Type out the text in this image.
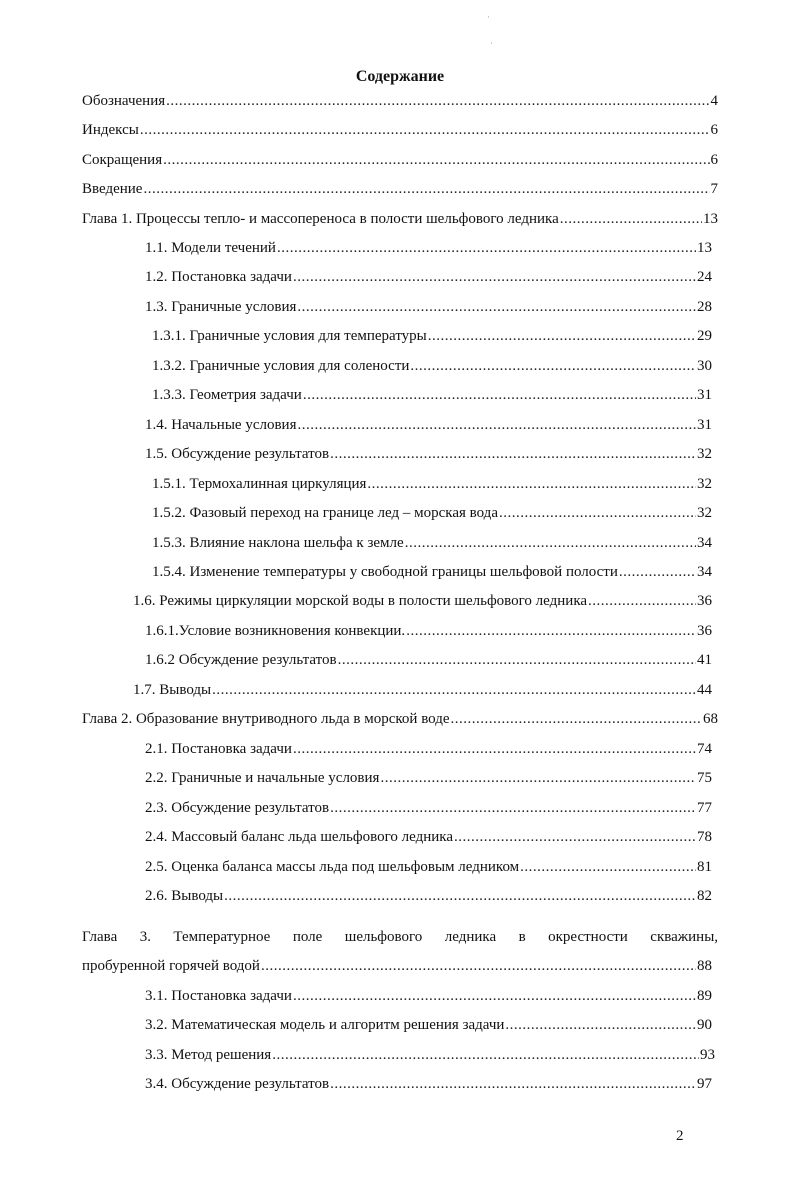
Содержание
Обозначения .....	4
Индексы .....	6
Сокращения .....	6
Введение .....	7
Глава 1. Процессы тепло- и массопереноса в полости шельфового ледника .....	13
1.1. Модели течений .....	13
1.2. Постановка задачи .....	24
1.3. Граничные условия .....	28
1.3.1. Граничные условия для температуры .....	29
1.3.2. Граничные условия для солености .....	30
1.3.3. Геометрия задачи .....	31
1.4. Начальные условия .....	31
1.5. Обсуждение результатов .....	32
1.5.1. Термохалинная циркуляция .....	32
1.5.2. Фазовый переход на границе лед – морская вода .....	32
1.5.3. Влияние наклона шельфа к земле .....	34
1.5.4. Изменение температуры у свободной границы шельфовой полости .....	34
1.6. Режимы циркуляции морской воды в полости шельфового ледника .....	36
1.6.1.Условие возникновения конвекции. .....	36
1.6.2 Обсуждение результатов .....	41
1.7. Выводы .....	44
Глава 2. Образование внутриводного льда в морской воде .....	68
2.1. Постановка задачи .....	74
2.2. Граничные и начальные условия .....	75
2.3. Обсуждение результатов .....	77
2.4. Массовый баланс льда шельфового ледника .....	78
2.5. Оценка баланса массы льда под шельфовым ледником .....	81
2.6. Выводы .....	82
Глава 3. Температурное поле шельфового ледника в окрестности скважины,
пробуренной горячей водой .....	88
3.1. Постановка задачи .....	89
3.2. Математическая модель и алгоритм решения задачи .....	90
3.3. Метод решения .....	93
3.4. Обсуждение результатов .....	97
2
·
·
